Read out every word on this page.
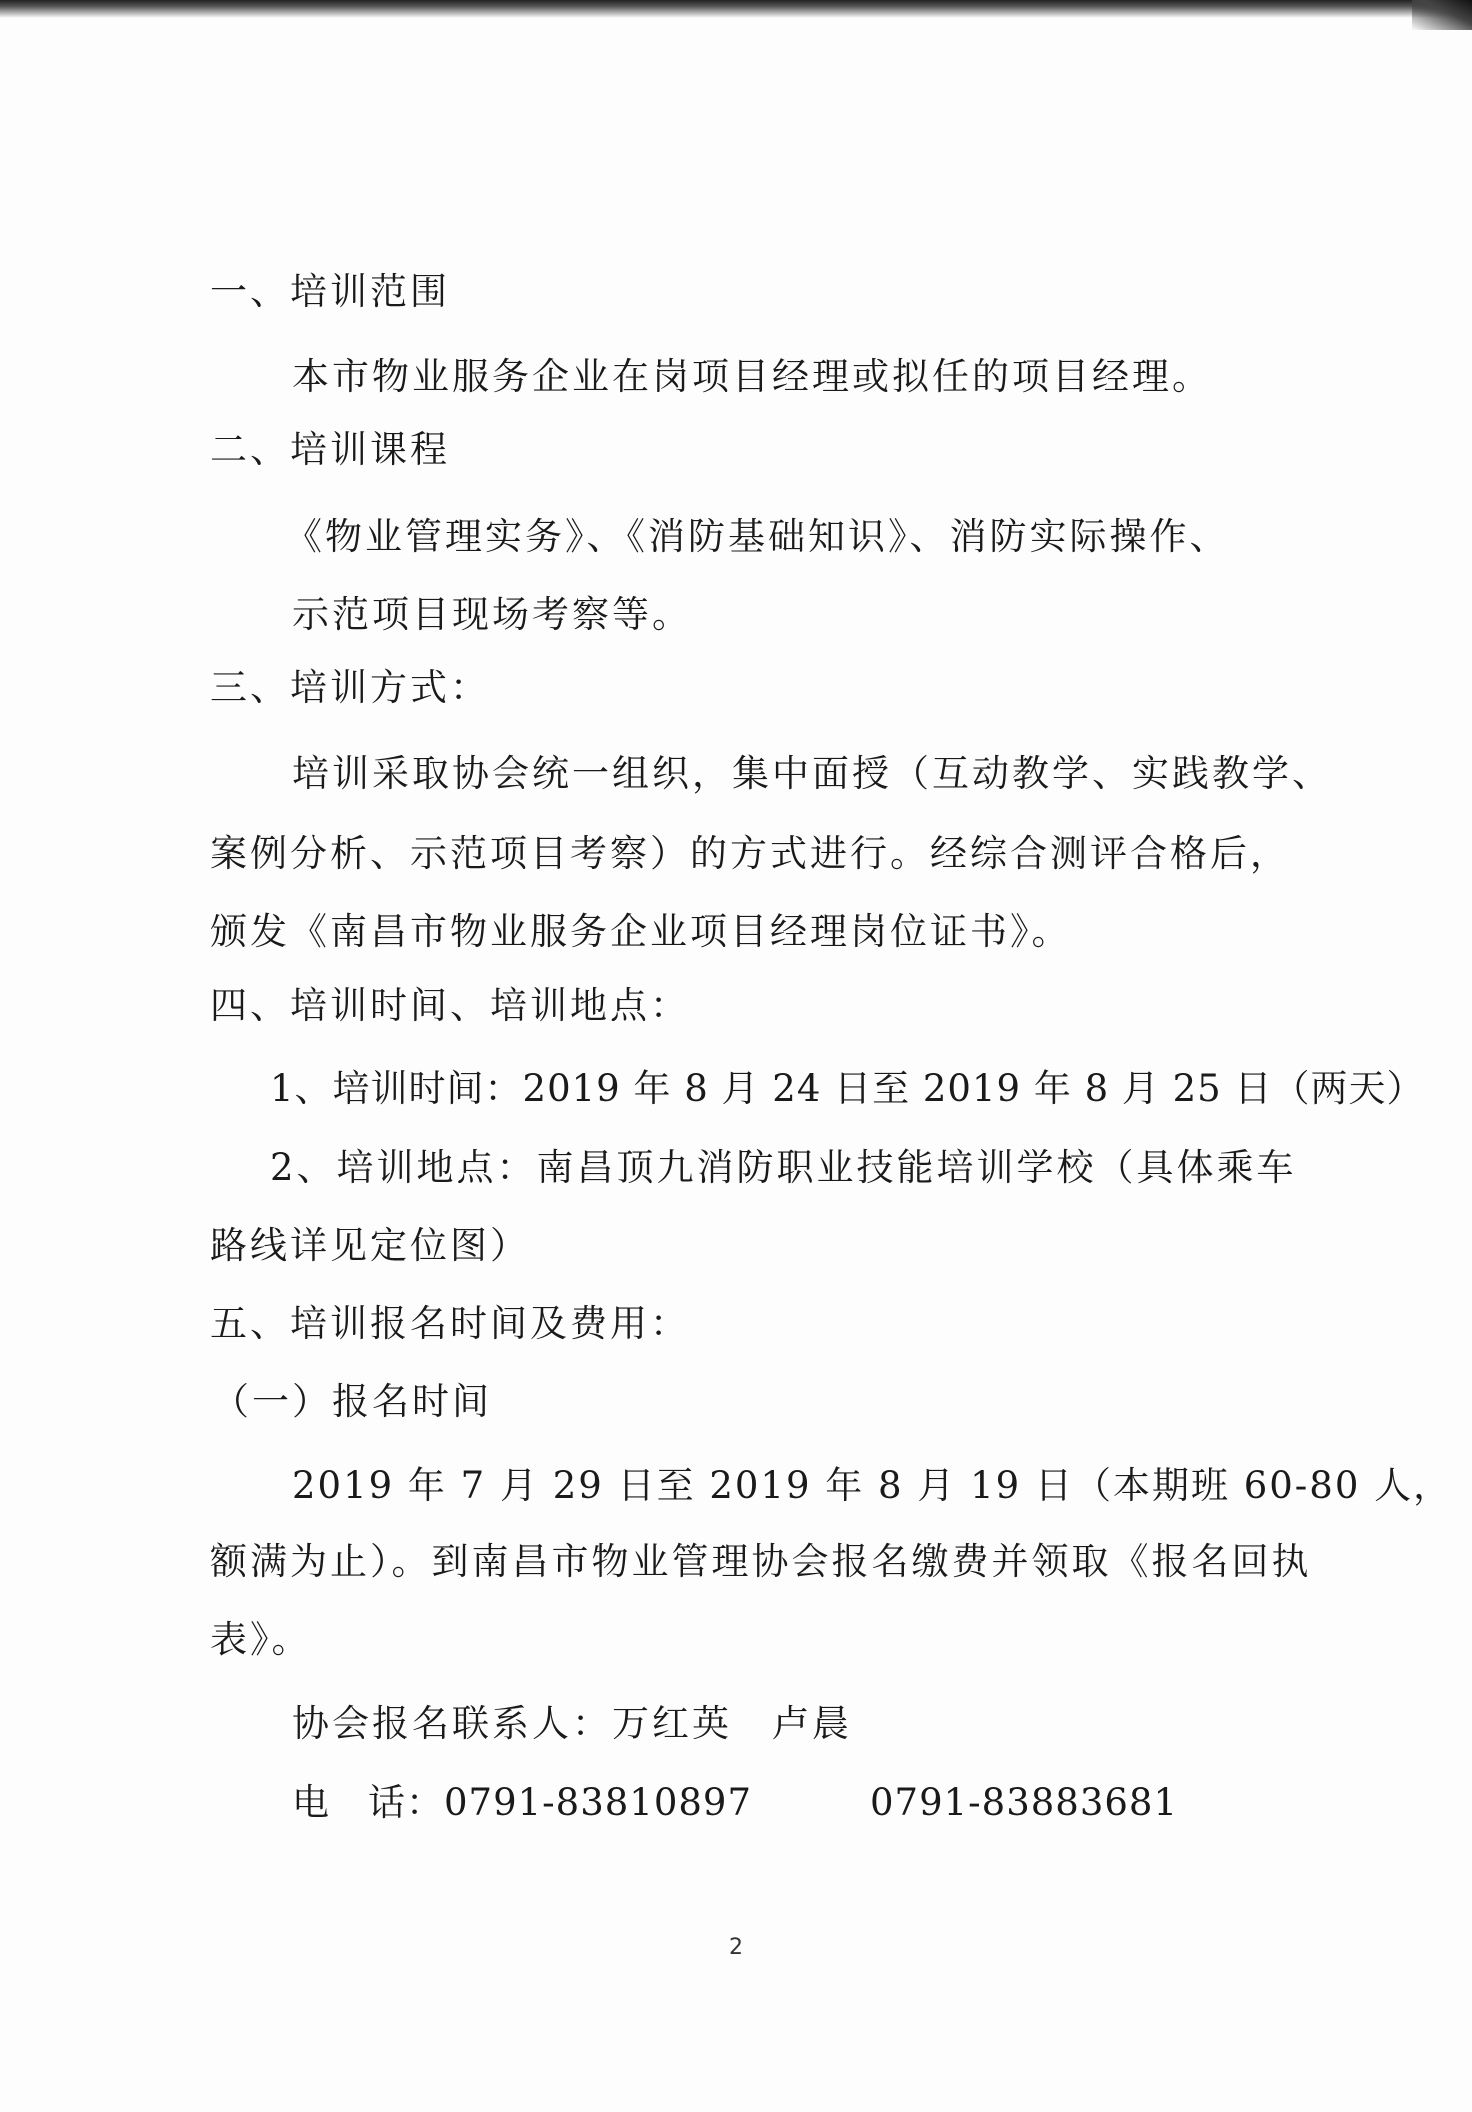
一、培训范围
本市物业服务企业在岗项目经理或拟任的项目经理。
二、培训课程
《物业管理实务》、《消防基础知识》、消防实际操作、
示范项目现场考察等。
三、培训方式：
培训采取协会统一组织，集中面授（互动教学、实践教学、
案例分析、示范项目考察）的方式进行。经综合测评合格后，
颁发《南昌市物业服务企业项目经理岗位证书》。
四、培训时间、培训地点：
1、培训时间：2019 年 8 月 24 日至 2019 年 8 月 25 日（两天）
2、培训地点：南昌顶九消防职业技能培训学校（具体乘车
路线详见定位图）
五、培训报名时间及费用：
（一）报名时间
2019 年 7 月 29 日至 2019 年 8 月 19 日（本期班 60-80 人，
额满为止）。到南昌市物业管理协会报名缴费并领取《报名回执
表》。
协会报名联系人：万红英　卢晨
电　话：0791-83810897	0791-83883681
2
